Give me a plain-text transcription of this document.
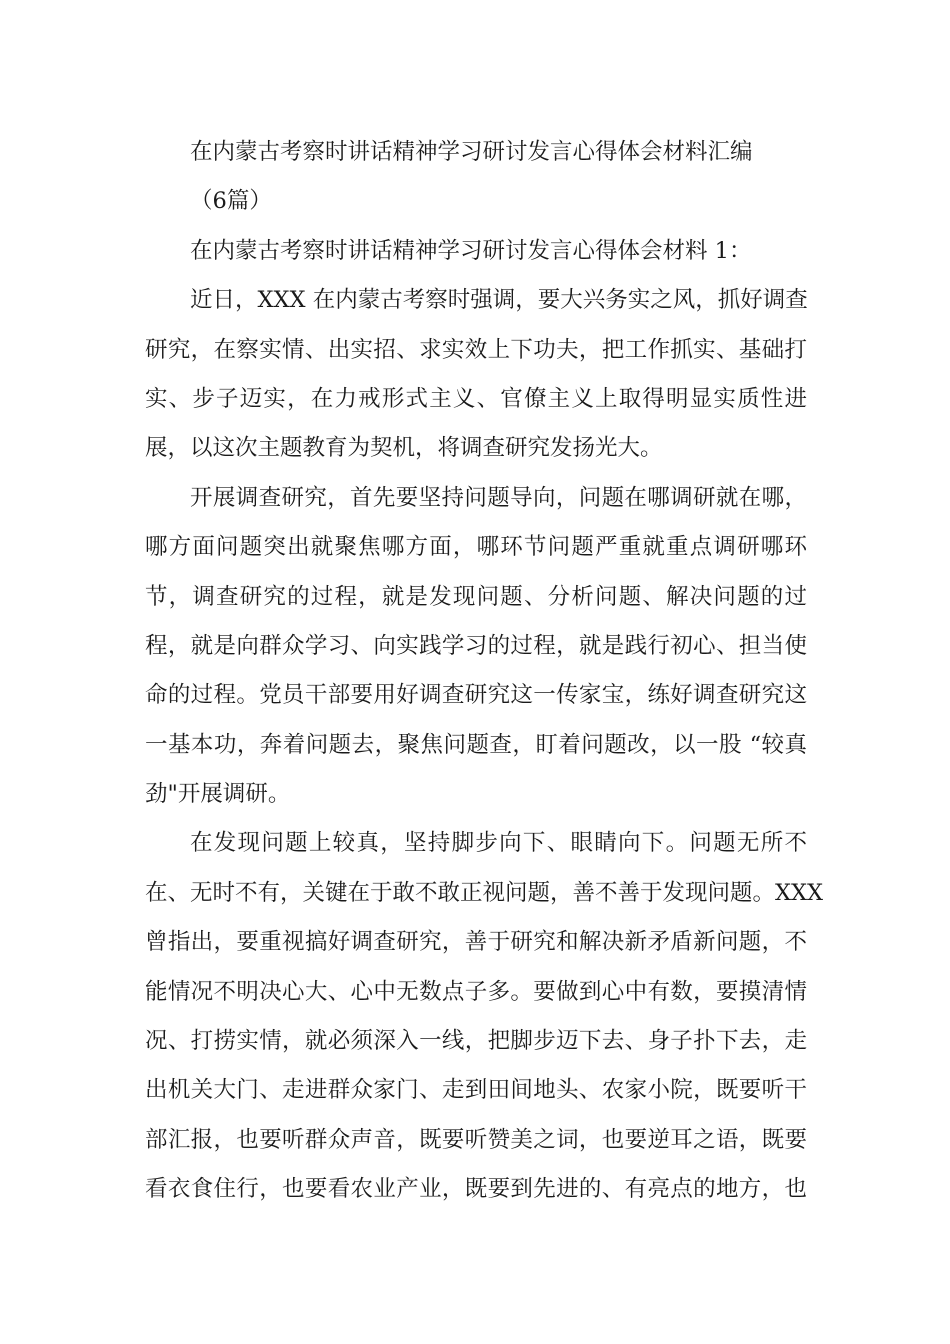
在内蒙古考察时讲话精神学习研讨发言心得体会材料汇编

（6篇）

在内蒙古考察时讲话精神学习研讨发言心得体会材料 1：

近日，XXX 在内蒙古考察时强调，要大兴务实之风，抓好调查

研究，在察实情、出实招、求实效上下功夫，把工作抓实、基础打

实、步子迈实，在力戒形式主义、官僚主义上取得明显实质性进

展，以这次主题教育为契机，将调查研究发扬光大。

开展调查研究，首先要坚持问题导向，问题在哪调研就在哪，

哪方面问题突出就聚焦哪方面，哪环节问题严重就重点调研哪环

节，调查研究的过程，就是发现问题、分析问题、解决问题的过

程，就是向群众学习、向实践学习的过程，就是践行初心、担当使

命的过程。党员干部要用好调查研究这一传家宝，练好调查研究这

一基本功，奔着问题去，聚焦问题查，盯着问题改，以一股 “较真

劲"开展调研。

在发现问题上较真，坚持脚步向下、眼睛向下。问题无所不

在、无时不有，关键在于敢不敢正视问题，善不善于发现问题。XXX

曾指出，要重视搞好调查研究，善于研究和解决新矛盾新问题，不

能情况不明决心大、心中无数点子多。要做到心中有数，要摸清情

况、打捞实情，就必须深入一线，把脚步迈下去、身子扑下去，走

出机关大门、走进群众家门、走到田间地头、农家小院，既要听干

部汇报，也要听群众声音，既要听赞美之词，也要逆耳之语，既要

看衣食住行，也要看农业产业，既要到先进的、有亮点的地方，也
